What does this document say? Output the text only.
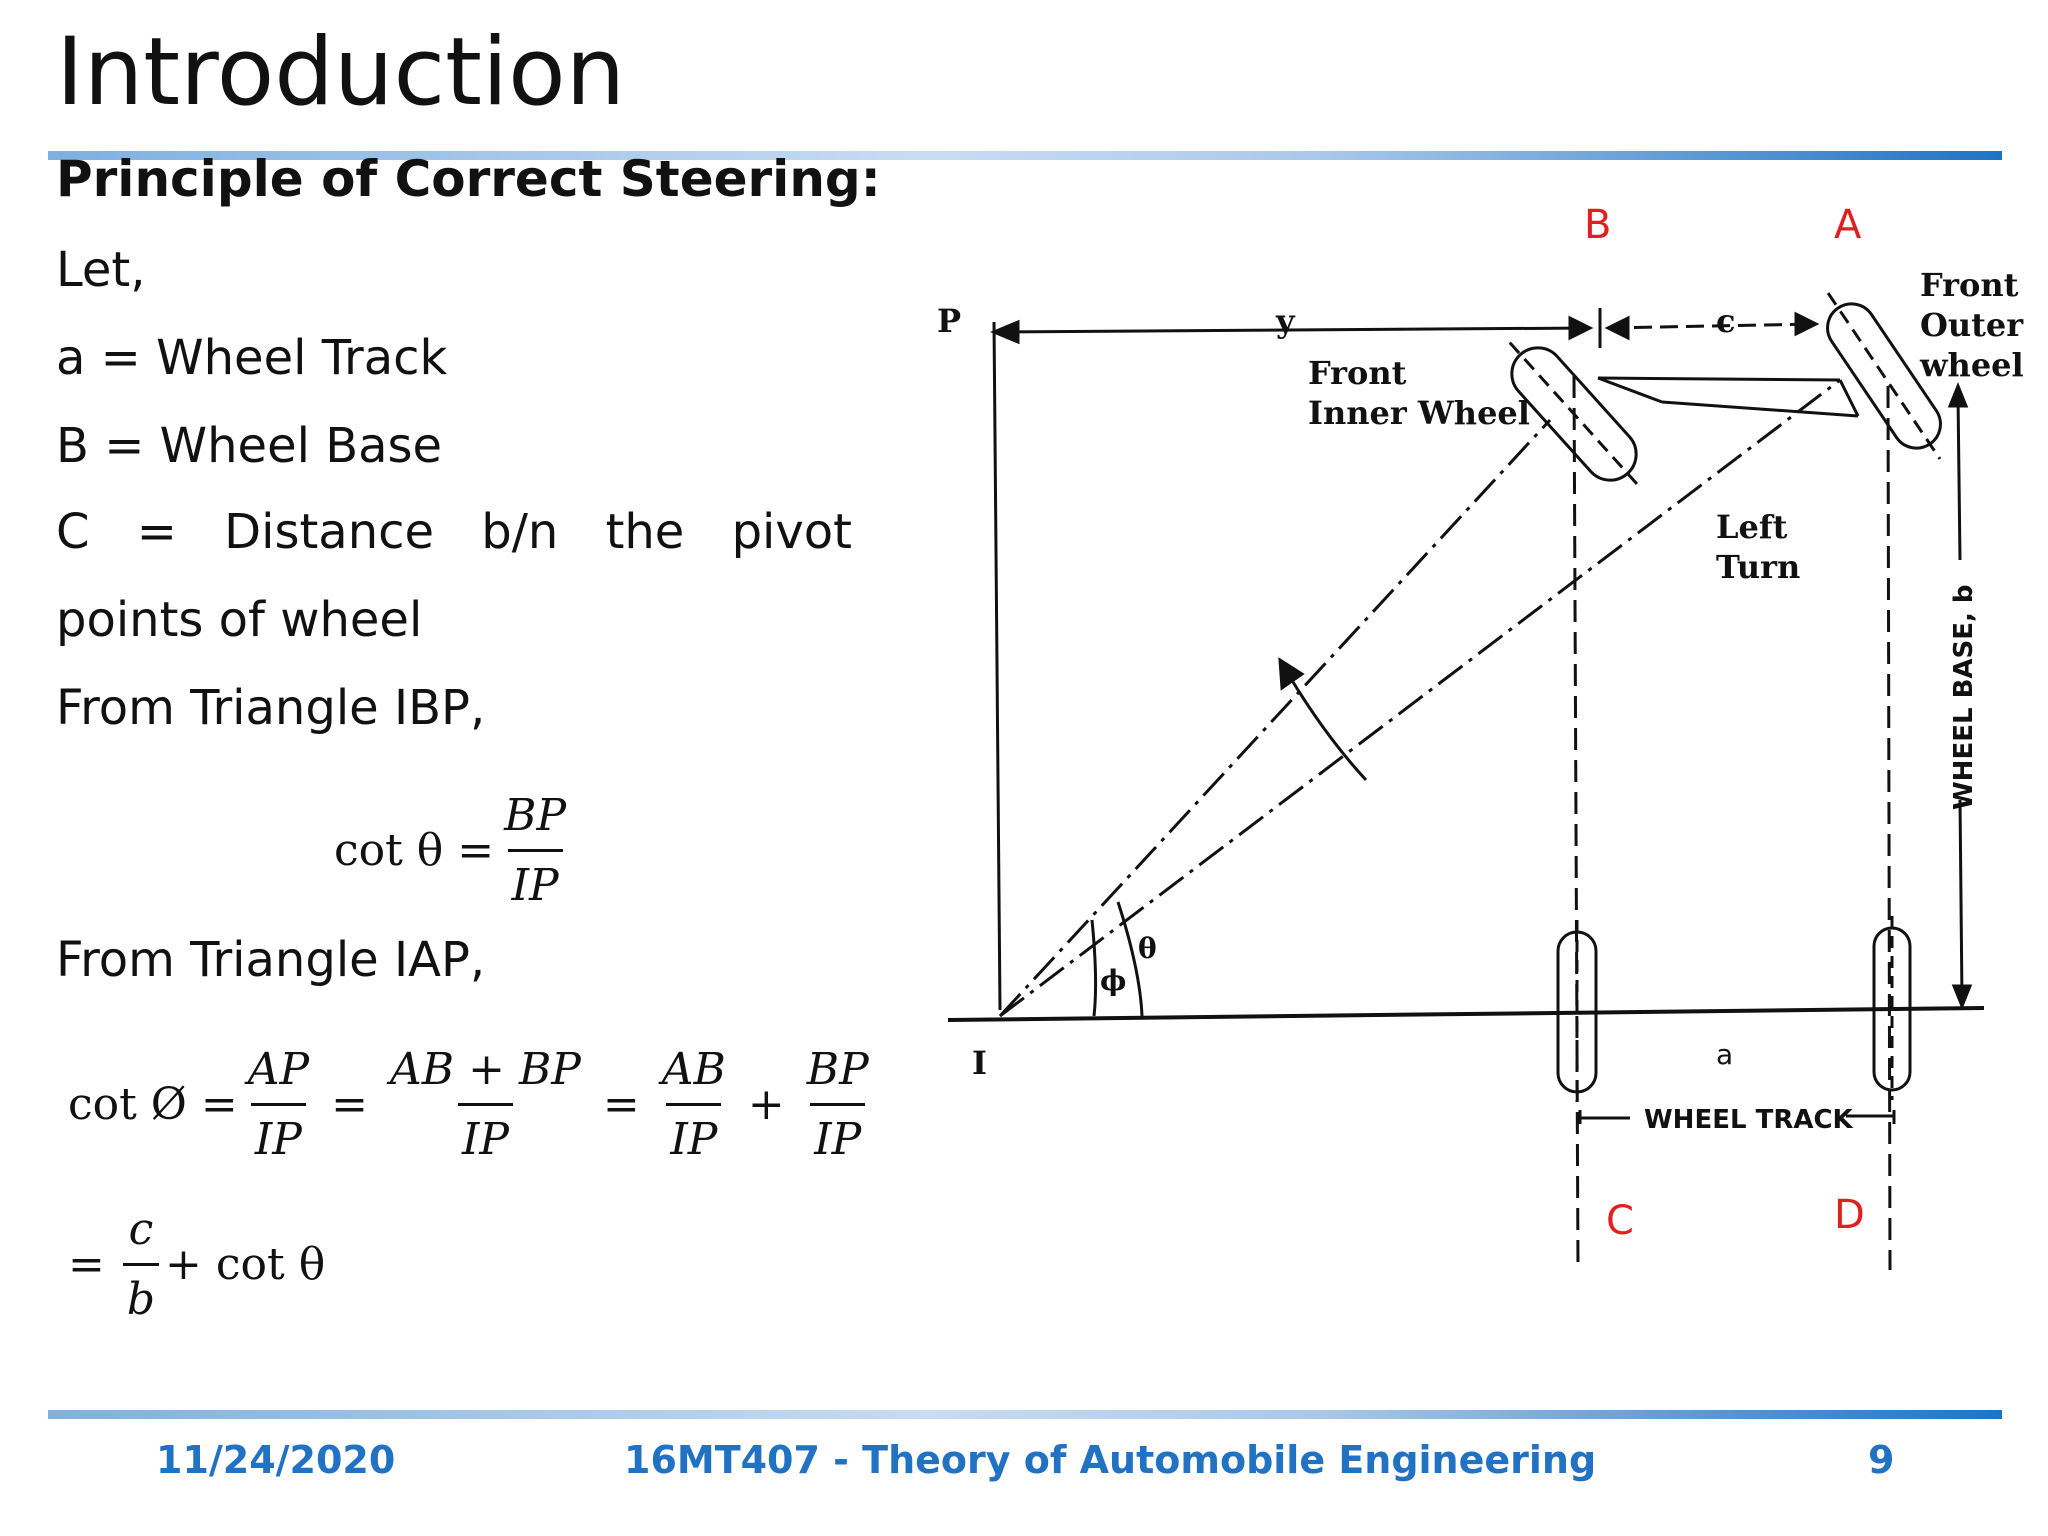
Introduction
Principle of Correct Steering:
Let,
a = Wheel Track
B = Wheel Base
C = Distance b/n the pivot
points of wheel
From Triangle IBP,
$\cot \theta = \frac{BP}{IP}$
From Triangle IAP,
cot Ø = $\frac{AP}{IP} = \frac{AB + BP}{IP} = \frac{AB}{IP} + \frac{BP}{IP}$
= $\frac{c}{b} + \cot \theta$
P
I
y	c
Front
Inner Wheel
Front
Outer
wheel
Left
Turn
ϕ
θ
a
WHEEL TRACK
WHEEL BASE, b
B	A
C	D
11/24/2020	16MT407 - Theory of Automobile Engineering	9
